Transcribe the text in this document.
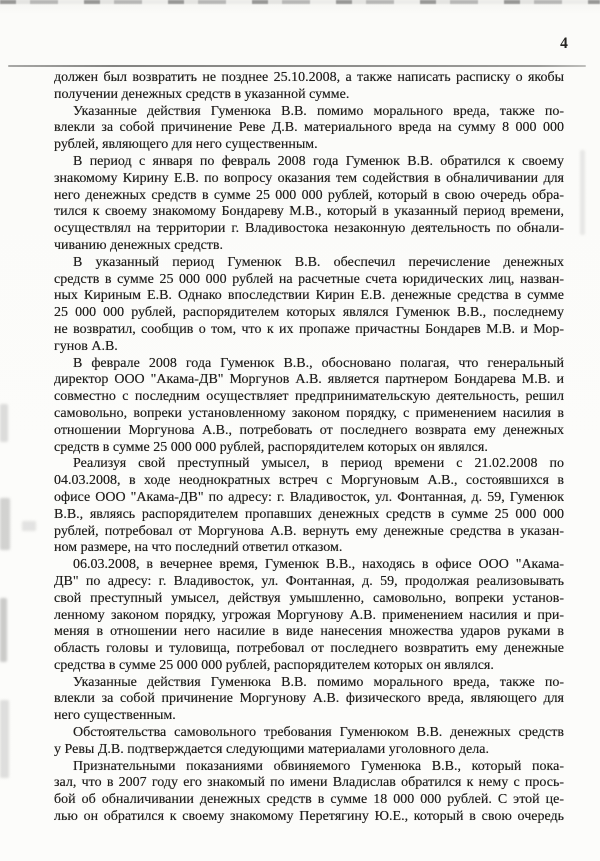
4
должен был возвратить не позднее 25.10.2008, а также написать расписку о якобы
получении денежных средств в указанной сумме.
Указанные действия Гуменюка В.В. помимо морального вреда, также по-
влекли за собой причинение Реве Д.В. материального вреда на сумму 8 000 000
рублей, являющего для него существенным.
В период с января по февраль 2008 года Гуменюк В.В. обратился к своему
знакомому Кирину Е.В. по вопросу оказания тем содействия в обналичивании для
него денежных средств в сумме 25 000 000 рублей, который в свою очередь обра-
тился к своему знакомому Бондареву М.В., который в указанный период времени,
осуществлял на территории г. Владивостока незаконную деятельность по обнали-
чиванию денежных средств.
В указанный период Гуменюк В.В. обеспечил перечисление денежных
средств в сумме 25 000 000 рублей на расчетные счета юридических лиц, назван-
ных Кириным Е.В. Однако впоследствии Кирин Е.В. денежные средства в сумме
25 000 000 рублей, распорядителем которых являлся Гуменюк В.В., последнему
не возвратил, сообщив о том, что к их пропаже причастны Бондарев М.В. и Мор-
гунов А.В.
В феврале 2008 года Гуменюк В.В., обосновано полагая, что генеральный
директор ООО "Акама-ДВ" Моргунов А.В. является партнером Бондарева М.В. и
совместно с последним осуществляет предпринимательскую деятельность, решил
самовольно, вопреки установленному законом порядку, с применением насилия в
отношении Моргунова А.В., потребовать от последнего возврата ему денежных
средств в сумме 25 000 000 рублей, распорядителем которых он являлся.
Реализуя свой преступный умысел, в период времени с 21.02.2008 по
04.03.2008, в ходе неоднократных встреч с Моргуновым А.В., состоявшихся в
офисе ООО "Акама-ДВ" по адресу: г. Владивосток, ул. Фонтанная, д. 59, Гуменюк
В.В., являясь распорядителем пропавших денежных средств в сумме 25 000 000
рублей, потребовал от Моргунова А.В. вернуть ему денежные средства в указан-
ном размере, на что последний ответил отказом.
06.03.2008, в вечернее время, Гуменюк В.В., находясь в офисе ООО "Акама-
ДВ" по адресу: г. Владивосток, ул. Фонтанная, д. 59, продолжая реализовывать
свой преступный умысел, действуя умышленно, самовольно, вопреки установ-
ленному законом порядку, угрожая Моргунову А.В. применением насилия и при-
меняя в отношении него насилие в виде нанесения множества ударов руками в
область головы и туловища, потребовал от последнего возвратить ему денежные
средства в сумме 25 000 000 рублей, распорядителем которых он являлся.
Указанные действия Гуменюка В.В. помимо морального вреда, также по-
влекли за собой причинение Моргунову А.В. физического вреда, являющего для
него существенным.
Обстоятельства самовольного требования Гуменюком В.В. денежных средств
у Ревы Д.В. подтверждается следующими материалами уголовного дела.
Признательными показаниями обвиняемого Гуменюка В.В., который пока-
зал, что в 2007 году его знакомый по имени Владислав обратился к нему с прось-
бой об обналичивании денежных средств в сумме 18 000 000 рублей. С этой це-
лью он обратился к своему знакомому Перетягину Ю.Е., который в свою очередь
